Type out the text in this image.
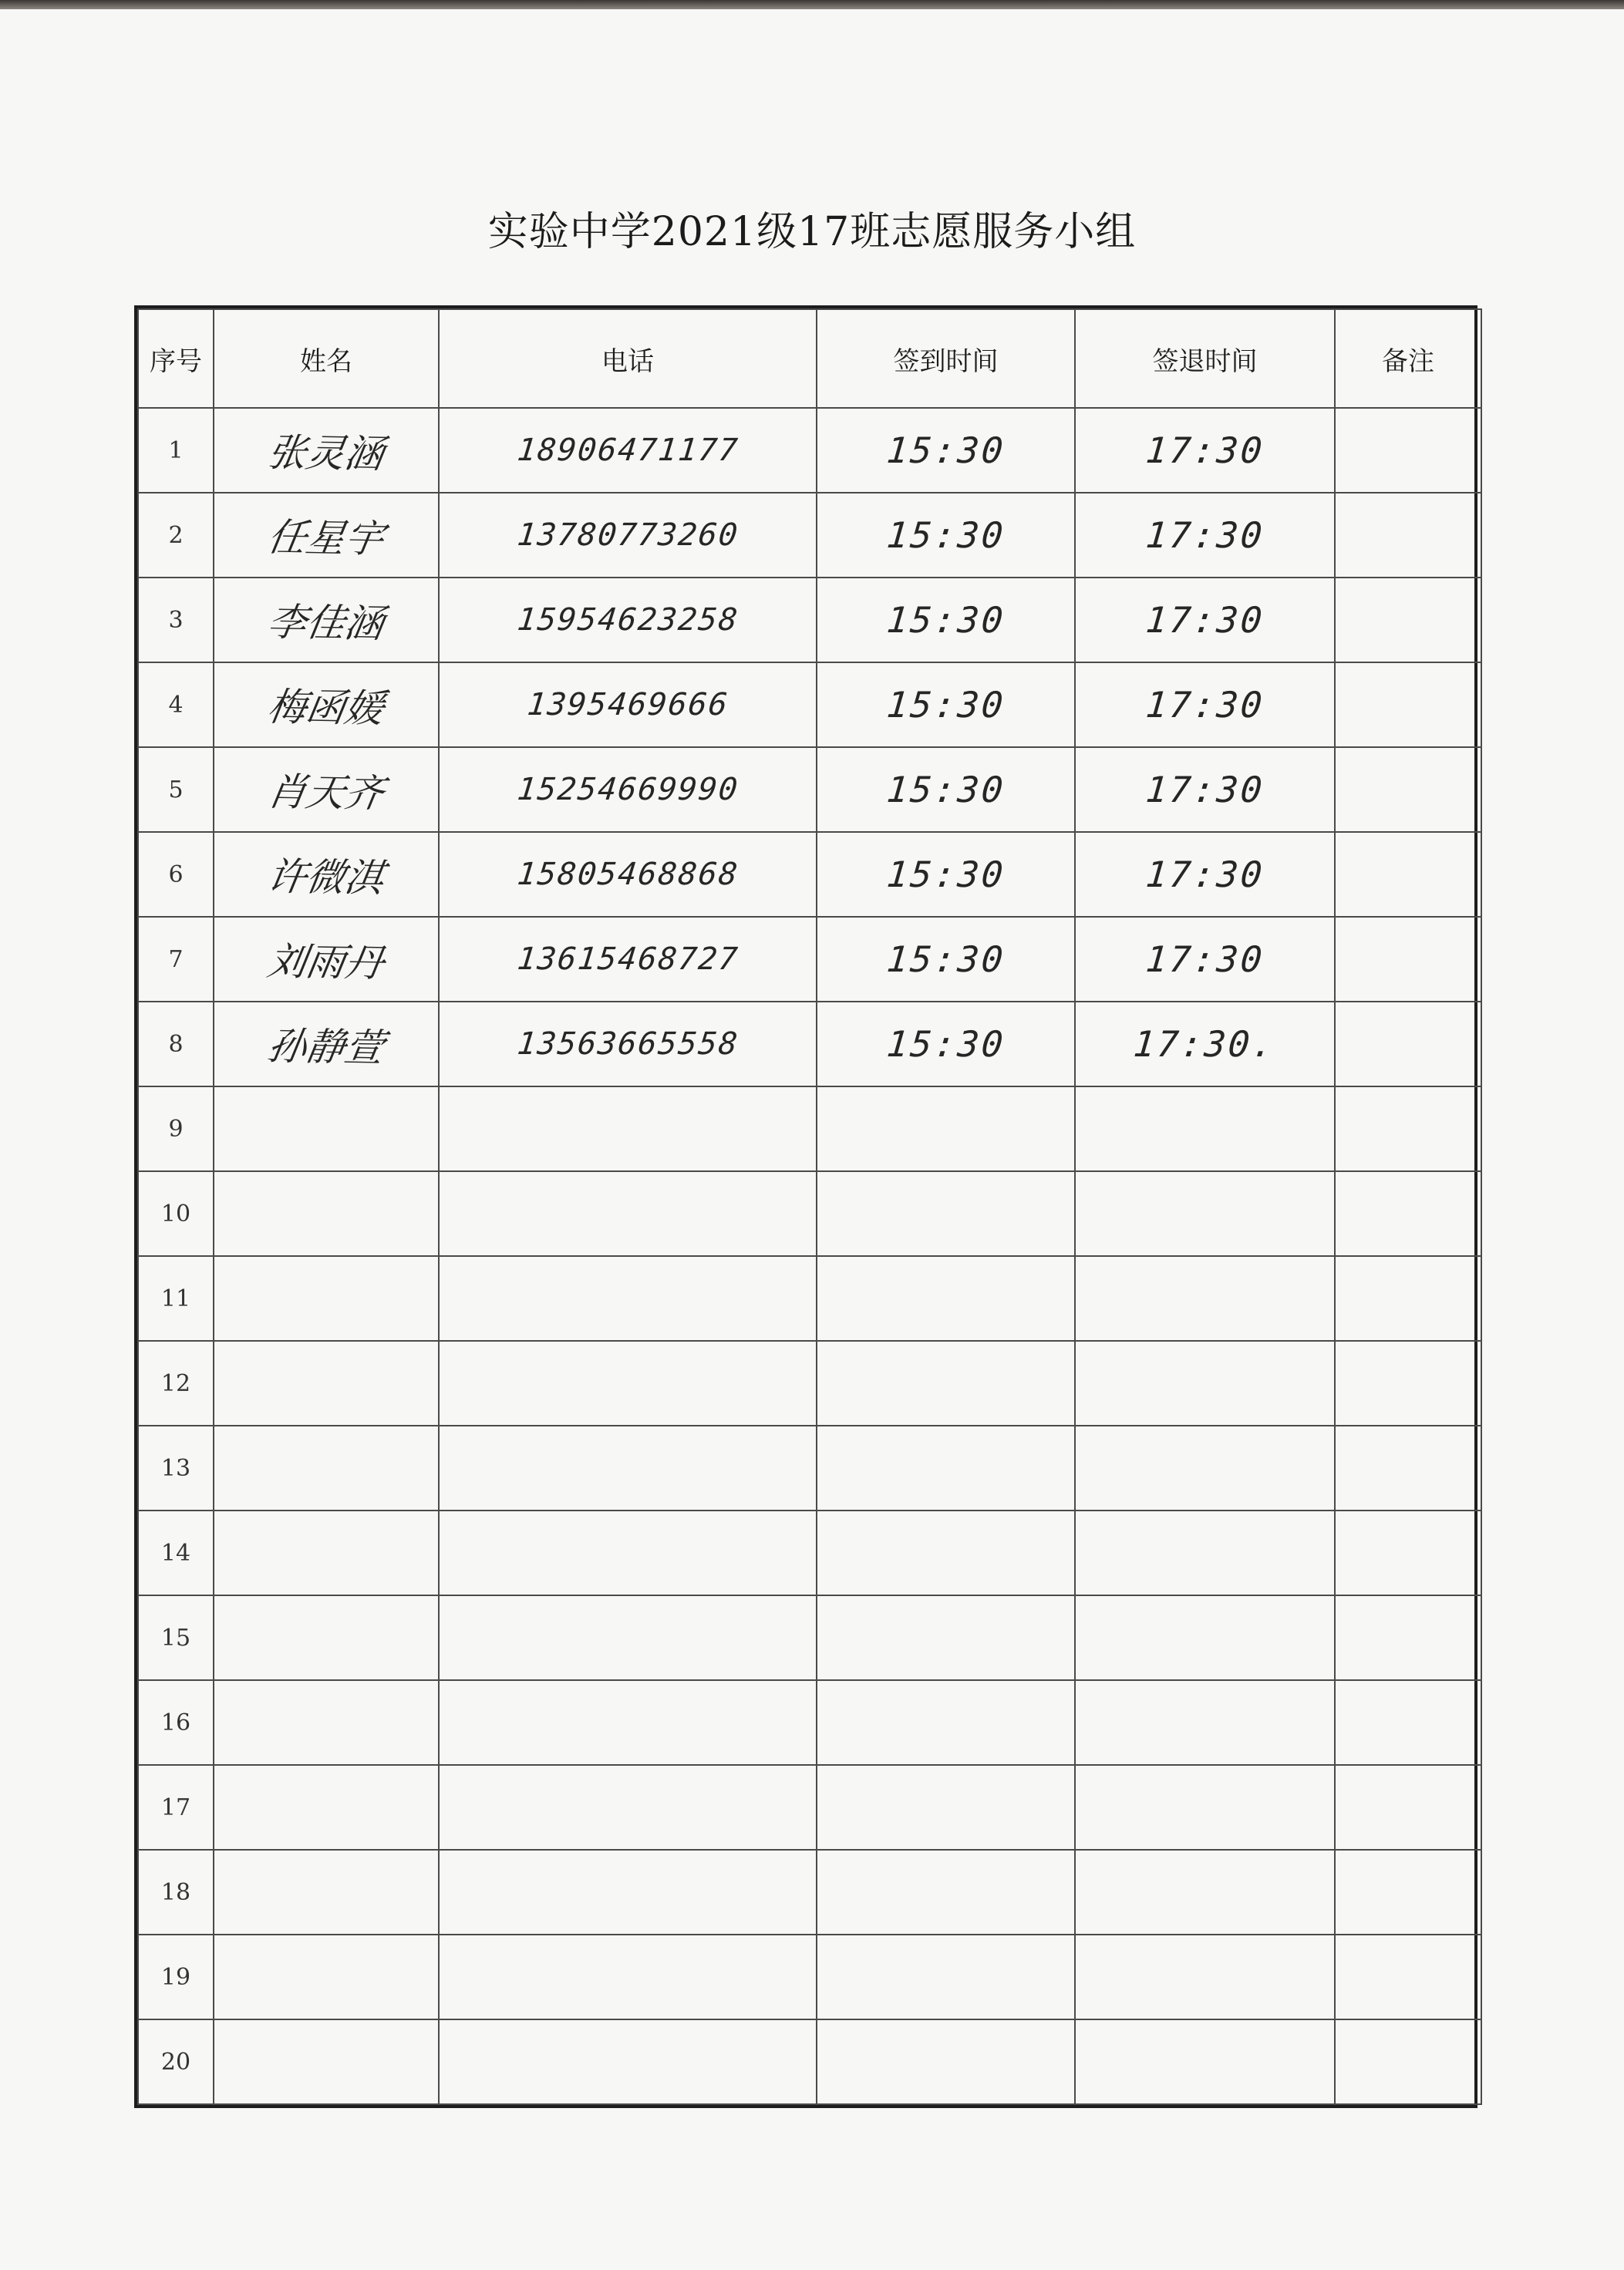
实验中学2021级17班志愿服务小组
序号	姓名	电话	签到时间	签退时间	备注
1	张灵涵	18906471177	15:30	17:30	
2	任星宇	13780773260	15:30	17:30	
3	李佳涵	15954623258	15:30	17:30	
4	梅函媛	1395469666	15:30	17:30	
5	肖天齐	15254669990	15:30	17:30	
6	许微淇	15805468868	15:30	17:30	
7	刘雨丹	13615468727	15:30	17:30	
8	孙静萱	13563665558	15:30	17:30.	
9					
10					
11					
12					
13					
14					
15					
16					
17					
18					
19					
20					
